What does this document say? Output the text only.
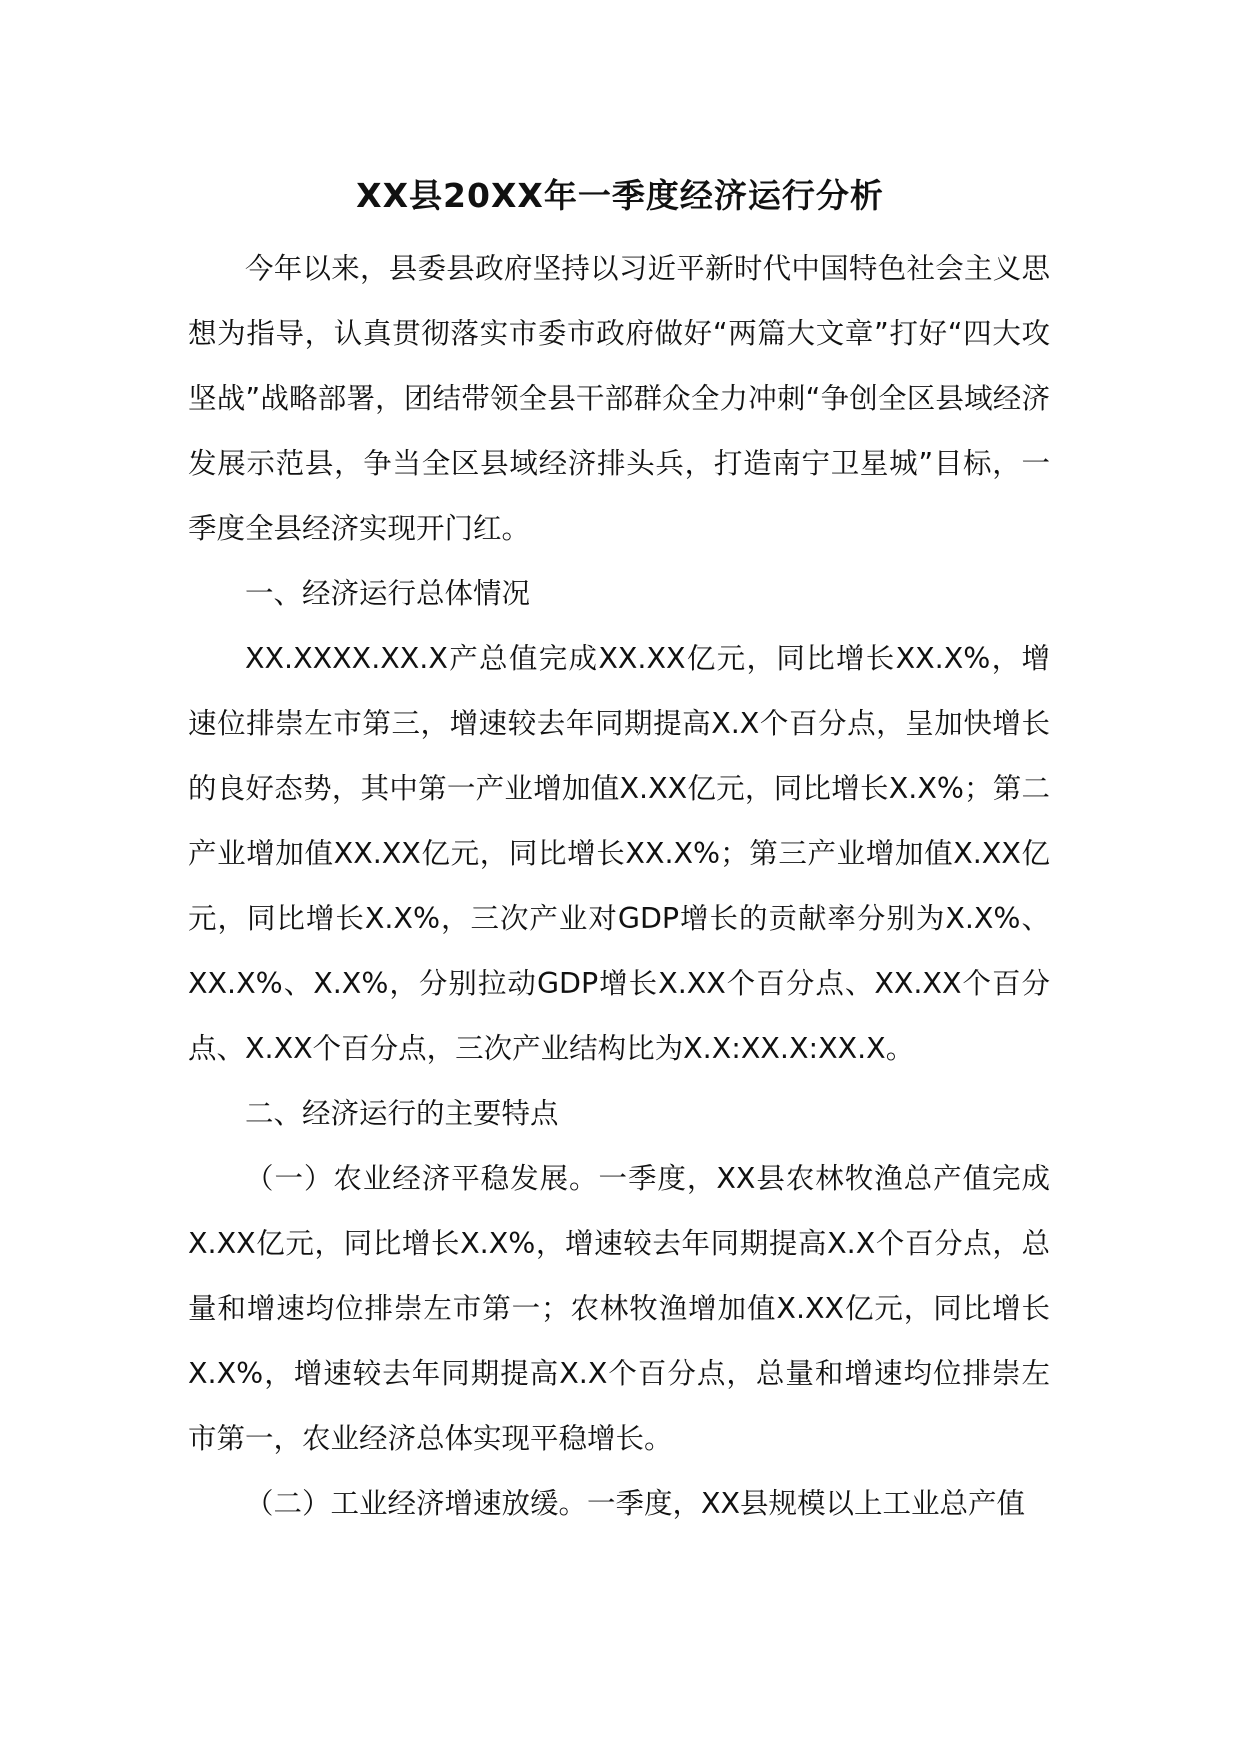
XX县20XX年一季度经济运行分析

今年以来，县委县政府坚持以习近平新时代中国特色社会主义思想为指导，认真贯彻落实市委市政府做好“两篇大文章”打好“四大攻坚战”战略部署，团结带领全县干部群众全力冲刺“争创全区县域经济发展示范县，争当全区县域经济排头兵，打造南宁卫星城”目标，一季度全县经济实现开门红。

一、经济运行总体情况

XX.XXXX.XX.X产总值完成XX.XX亿元，同比增长XX.X%，增速位排崇左市第三，增速较去年同期提高X.X个百分点，呈加快增长的良好态势，其中第一产业增加值X.XX亿元，同比增长X.X%；第二产业增加值XX.XX亿元，同比增长XX.X%；第三产业增加值X.XX亿元，同比增长X.X%，三次产业对GDP增长的贡献率分别为X.X%、XX.X%、X.X%，分别拉动GDP增长X.XX个百分点、XX.XX个百分点、X.XX个百分点，三次产业结构比为X.X:XX.X:XX.X。

二、经济运行的主要特点

（一）农业经济平稳发展。一季度，XX县农林牧渔总产值完成X.XX亿元，同比增长X.X%，增速较去年同期提高X.X个百分点，总量和增速均位排崇左市第一；农林牧渔增加值X.XX亿元，同比增长X.X%，增速较去年同期提高X.X个百分点，总量和增速均位排崇左市第一，农业经济总体实现平稳增长。

（二）工业经济增速放缓。一季度，XX县规模以上工业总产值
